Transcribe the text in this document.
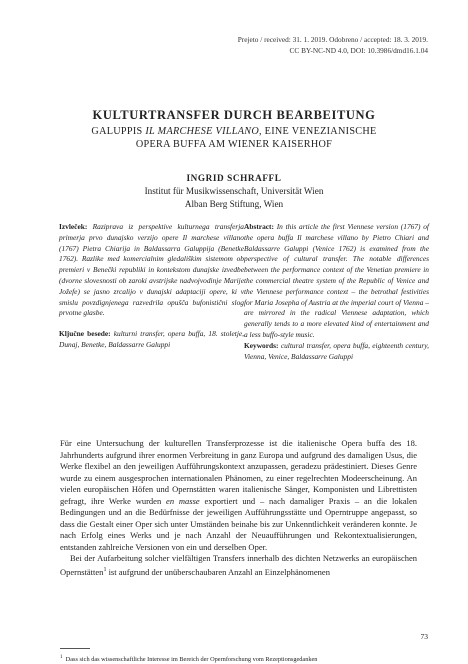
Prejeto / received: 31. 1. 2019. Odobreno / accepted: 18. 3. 2019.
CC BY-NC-ND 4.0, DOI: 10.3986/dmd16.1.04
KULTURTRANSFER DURCH BEARBEITUNG
GALUPPIS IL MARCHESE VILLANO, EINE VENEZIANISCHE
OPERA BUFFA AM WIENER KAISERHOF
INGRID SCHRAFFL
Institut für Musikwissenschaft, Universität Wien
Alban Berg Stiftung, Wien
Izvleček: Raziprava iz perspektive kulturnega transferja primerja prvo dunajsko verzijo opere Il marchese villano (1767) Pietra Chiarija in Baldassarra Galuppija (Benetke 1762). Razlike med komercialnim gledališkim sistemom ob premieri v Benečki republiki in kontekstom dunajske izvedbe (dvorne slovesnosti ob zaroki avstrijske nadvojvodinje Marije Jožefe) se jasno zrcalijo v dunajski adaptaciji opere, ki v smislu povzdignjenega razvedrila opušča bufonistični slog prvotne glasbe.
Ključne besede: kulturni transfer, opera buffa, 18. stoletje, Dunaj, Benetke, Baldassarre Galuppi
Abstract: In this article the first Viennese version (1767) of the opera buffa Il marchese villano by Pietro Chiari and Baldassarre Galuppi (Venice 1762) is examined from the perspective of cultural transfer. The notable differences between the performance context of the Venetian premiere in the commercial theatre system of the Republic of Venice and the Viennese performance context – the betrothal festivities for Maria Josepha of Austria at the imperial court of Vienna – are mirrored in the radical Viennese adaptation, which generally tends to a more elevated kind of entertainment and a less buffo-style music.
Keywords: cultural transfer, opera buffa, eighteenth century, Vienna, Venice, Baldassarre Galuppi

Für eine Untersuchung der kulturellen Transferprozesse ist die italienische Opera buffa des 18. Jahrhunderts aufgrund ihrer enormen Verbreitung in ganz Europa und aufgrund des damaligen Usus, die Werke flexibel an den jeweiligen Aufführungskontext anzupassen, geradezu prädestiniert. Dieses Genre wurde zu einem ausgesprochen internationalen Phänomen, zu einer regelrechten Modeerscheinung. An vielen europäischen Höfen und Opernstätten waren italienische Sänger, Komponisten und Librettisten gefragt, ihre Werke wurden en masse exportiert und – nach damaliger Praxis – an die lokalen Bedingungen und an die Bedürfnisse der jeweiligen Aufführungsstätte und Operntruppe angepasst, so dass die Gestalt einer Oper sich unter Umständen beinahe bis zur Unkenntlichkeit veränderen konnte. Je nach Erfolg eines Werks und je nach Anzahl der Neuaufführungen und Rekontextualisierungen, entstanden zahlreiche Versionen von ein und derselben Oper.

Bei der Aufarbeitung solcher vielfältigen Transfers innerhalb des dichten Netzwerks an europäischen Opernstätten$^1$ ist aufgrund der unüberschaubaren Anzahl an Einzelphänomenen

$^1$ Dass sich das wissenschaftliche Interesse im Bereich der Opernforschung vom Rezeptionsgedanken
73
